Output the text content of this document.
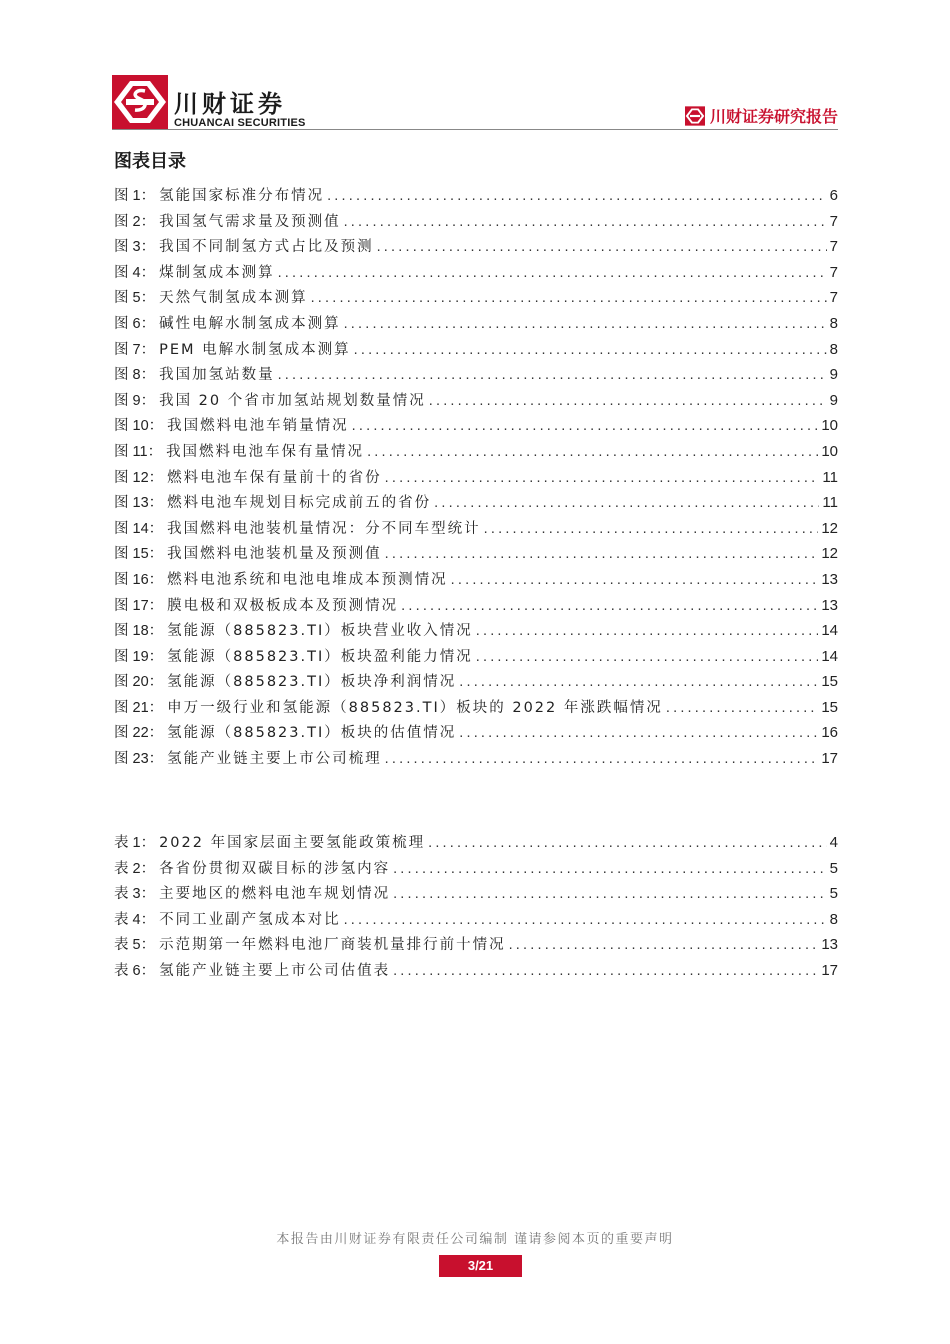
川财证券
CHUANCAI SECURITIES	川财证券研究报告
图表目录
图 1 ： 氢能国家标准分布情况 .....	6
图 2 ： 我国氢气需求量及预测值 .....	7
图 3 ： 我国不同制氢方式占比及预测 .....	7
图 4 ： 煤制氢成本测算 .....	7
图 5 ： 天然气制氢成本测算 .....	7
图 6 ： 碱性电解水制氢成本测算 .....	8
图 7 ： PEM 电解水制氢成本测算 .....	8
图 8 ： 我国加氢站数量 .....	9
图 9 ： 我国 20 个省市加氢站规划数量情况 .....	9
图 10 ： 我国燃料电池车销量情况 .....	10
图 11 ： 我国燃料电池车保有量情况 .....	10
图 12 ： 燃料电池车保有量前十的省份 .....	11
图 13 ： 燃料电池车规划目标完成前五的省份 .....	11
图 14 ： 我国燃料电池装机量情况：分不同车型统计 .....	12
图 15 ： 我国燃料电池装机量及预测值 .....	12
图 16 ： 燃料电池系统和电池电堆成本预测情况 .....	13
图 17 ： 膜电极和双极板成本及预测情况 .....	13
图 18 ： 氢能源（885823.TI）板块营业收入情况 .....	14
图 19 ： 氢能源（885823.TI）板块盈利能力情况 .....	14
图 20 ： 氢能源（885823.TI）板块净利润情况 .....	15
图 21 ： 申万一级行业和氢能源（885823.TI）板块的 2022 年涨跌幅情况 .....	15
图 22 ： 氢能源（885823.TI）板块的估值情况 .....	16
图 23 ： 氢能产业链主要上市公司梳理 .....	17
表 1 ： 2022 年国家层面主要氢能政策梳理 .....	4
表 2 ： 各省份贯彻双碳目标的涉氢内容 .....	5
表 3 ： 主要地区的燃料电池车规划情况 .....	5
表 4 ： 不同工业副产氢成本对比 .....	8
表 5 ： 示范期第一年燃料电池厂商装机量排行前十情况 .....	13
表 6 ： 氢能产业链主要上市公司估值表 .....	17
本报告由川财证券有限责任公司编制 谨请参阅本页的重要声明
3/21
